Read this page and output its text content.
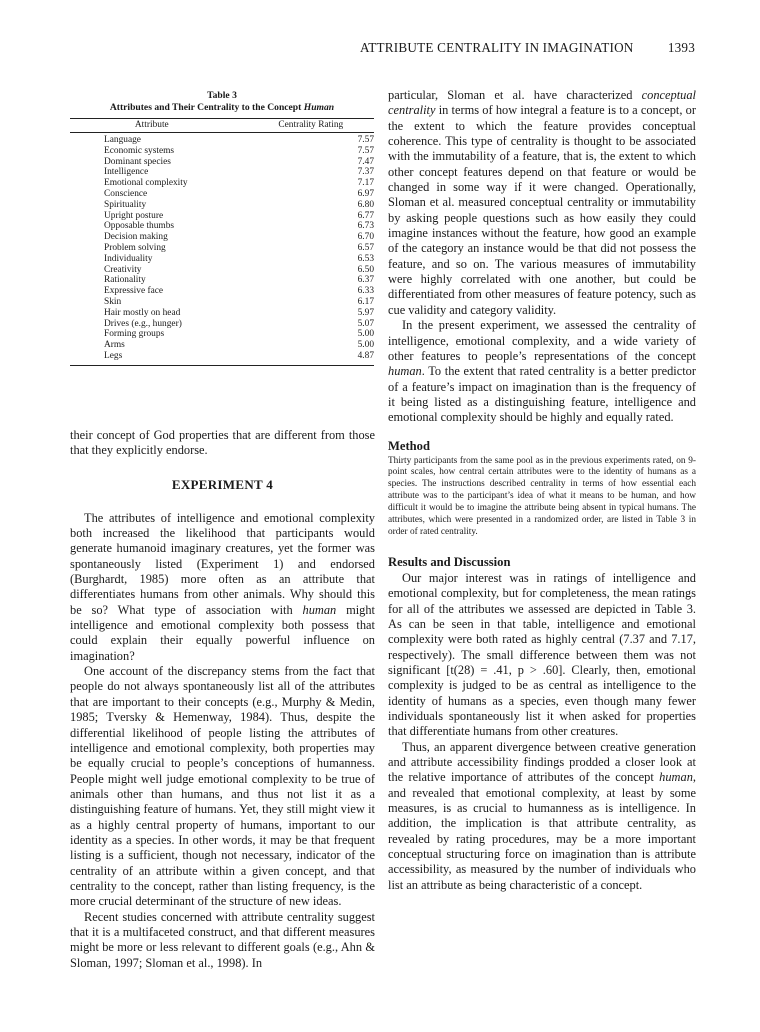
ATTRIBUTE CENTRALITY IN IMAGINATION	1393
Table 3
Attributes and Their Centrality to the Concept Human
Attribute	Centrality Rating

Language	7.57
Economic systems	7.57
Dominant species	7.47
Intelligence	7.37
Emotional complexity	7.17
Conscience	6.97
Spirituality	6.80
Upright posture	6.77
Opposable thumbs	6.73
Decision making	6.70
Problem solving	6.57
Individuality	6.53
Creativity	6.50
Rationality	6.37
Expressive face	6.33
Skin	6.17
Hair mostly on head	5.97
Drives (e.g., hunger)	5.07
Forming groups	5.00
Arms	5.00
Legs	4.87

their concept of God properties that are different from those that they explicitly endorse.

EXPERIMENT 4

The attributes of intelligence and emotional complexity both increased the likelihood that participants would generate humanoid imaginary creatures, yet the former was spontaneously listed (Experiment 1) and endorsed (Burghardt, 1985) more often as an attribute that differentiates humans from other animals. Why should this be so? What type of association with human might intelligence and emotional complexity both possess that could explain their equally powerful influence on imagination?

One account of the discrepancy stems from the fact that people do not always spontaneously list all of the attributes that are important to their concepts (e.g., Murphy & Medin, 1985; Tversky & Hemenway, 1984). Thus, despite the differential likelihood of people listing the attributes of intelligence and emotional complexity, both properties may be equally crucial to people’s conceptions of humanness. People might well judge emotional complexity to be true of animals other than humans, and thus not list it as a distinguishing feature of humans. Yet, they still might view it as a highly central property of humans, important to our identity as a species. In other words, it may be that frequent listing is a sufficient, though not necessary, indicator of the centrality of an attribute within a given concept, and that centrality to the concept, rather than listing frequency, is the more crucial determinant of the structure of new ideas.

Recent studies concerned with attribute centrality suggest that it is a multifaceted construct, and that different measures might be more or less relevant to different goals (e.g., Ahn & Sloman, 1997; Sloman et al., 1998). In

particular, Sloman et al. have characterized conceptual centrality in terms of how integral a feature is to a concept, or the extent to which the feature provides conceptual coherence. This type of centrality is thought to be associated with the immutability of a feature, that is, the extent to which other concept features depend on that feature or would be changed in some way if it were changed. Operationally, Sloman et al. measured conceptual centrality or immutability by asking people questions such as how easily they could imagine instances without the feature, how good an example of the category an instance would be that did not possess the feature, and so on. The various measures of immutability were highly correlated with one another, but could be differentiated from other measures of feature potency, such as cue validity and category validity.

In the present experiment, we assessed the centrality of intelligence, emotional complexity, and a wide variety of other features to people’s representations of the concept human. To the extent that rated centrality is a better predictor of a feature’s impact on imagination than is the frequency of it being listed as a distinguishing feature, intelligence and emotional complexity should be highly and equally rated.

Method

Thirty participants from the same pool as in the previous experiments rated, on 9-point scales, how central certain attributes were to the identity of humans as a species. The instructions described centrality in terms of how essential each attribute was to the participant’s idea of what it means to be human, and how difficult it would be to imagine the attribute being absent in typical humans. The attributes, which were presented in a randomized order, are listed in Table 3 in order of rated centrality.

Results and Discussion

Our major interest was in ratings of intelligence and emotional complexity, but for completeness, the mean ratings for all of the attributes we assessed are depicted in Table 3. As can be seen in that table, intelligence and emotional complexity were both rated as highly central (7.37 and 7.17, respectively). The small difference between them was not significant [t(28) = .41, p > .60]. Clearly, then, emotional complexity is judged to be as central as intelligence to the identity of humans as a species, even though many fewer individuals spontaneously list it when asked for properties that differentiate humans from other creatures.

Thus, an apparent divergence between creative generation and attribute accessibility findings prodded a closer look at the relative importance of attributes of the concept human, and revealed that emotional complexity, at least by some measures, is as crucial to humanness as is intelligence. In addition, the implication is that attribute centrality, as revealed by rating procedures, may be a more important conceptual structuring force on imagination than is attribute accessibility, as measured by the number of individuals who list an attribute as being characteristic of a concept.
